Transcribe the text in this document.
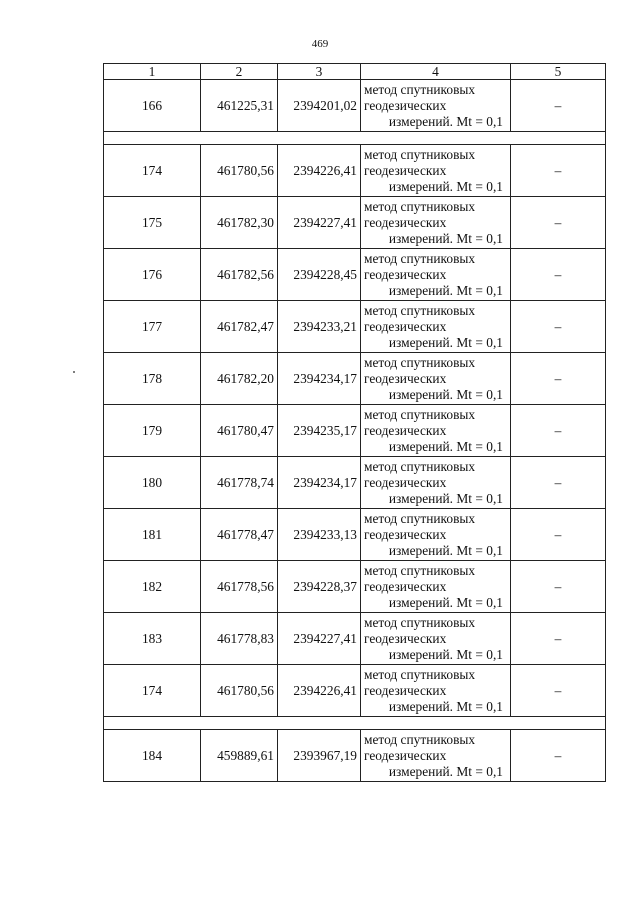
469
1	2	3	4	5
166	461225,31	2394201,02	метод спутниковых
геодезических
измерений. Mt = 0,1	–

174	461780,56	2394226,41	метод спутниковых
геодезических
измерений. Mt = 0,1	–
175	461782,30	2394227,41	метод спутниковых
геодезических
измерений. Mt = 0,1	–
176	461782,56	2394228,45	метод спутниковых
геодезических
измерений. Mt = 0,1	–
177	461782,47	2394233,21	метод спутниковых
геодезических
измерений. Mt = 0,1	–
178	461782,20	2394234,17	метод спутниковых
геодезических
измерений. Mt = 0,1	–
179	461780,47	2394235,17	метод спутниковых
геодезических
измерений. Mt = 0,1	–
180	461778,74	2394234,17	метод спутниковых
геодезических
измерений. Mt = 0,1	–
181	461778,47	2394233,13	метод спутниковых
геодезических
измерений. Mt = 0,1	–
182	461778,56	2394228,37	метод спутниковых
геодезических
измерений. Mt = 0,1	–
183	461778,83	2394227,41	метод спутниковых
геодезических
измерений. Mt = 0,1	–
174	461780,56	2394226,41	метод спутниковых
геодезических
измерений. Mt = 0,1	–

184	459889,61	2393967,19	метод спутниковых
геодезических
измерений. Mt = 0,1	–
